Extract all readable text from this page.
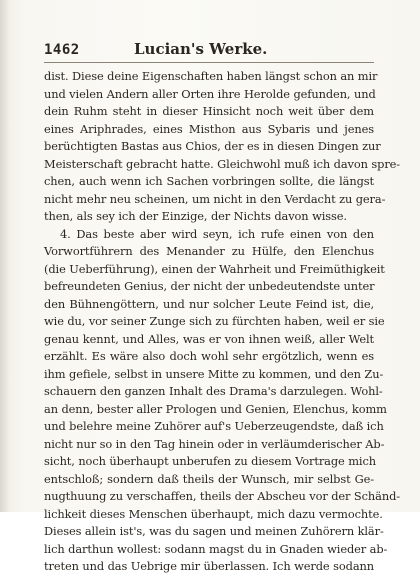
1462	Lucian's Werke.
dist. Diese deine Eigenschaften haben längst schon an mir
und vielen Andern aller Orten ihre Herolde gefunden, und
dein Ruhm steht in dieser Hinsicht noch weit über dem
eines Ariphrades, eines Misthon aus Sybaris und jenes
berüchtigten Bastas aus Chios, der es in diesen Dingen zur
Meisterschaft gebracht hatte. Gleichwohl muß ich davon spre-
chen, auch wenn ich Sachen vorbringen sollte, die längst
nicht mehr neu scheinen, um nicht in den Verdacht zu gera-
then, als sey ich der Einzige, der Nichts davon wisse.
4. Das beste aber wird seyn, ich rufe einen von den
Vorwortführern des Menander zu Hülfe, den Elenchus
(die Ueberführung), einen der Wahrheit und Freimüthigkeit
befreundeten Genius, der nicht der unbedeutendste unter
den Bühnengöttern, und nur solcher Leute Feind ist, die,
wie du, vor seiner Zunge sich zu fürchten haben, weil er sie
genau kennt, und Alles, was er von ihnen weiß, aller Welt
erzählt. Es wäre also doch wohl sehr ergötzlich, wenn es
ihm gefiele, selbst in unsere Mitte zu kommen, und den Zu-
schauern den ganzen Inhalt des Drama's darzulegen. Wohl-
an denn, bester aller Prologen und Genien, Elenchus, komm
und belehre meine Zuhörer auf's Ueberzeugendste, daß ich
nicht nur so in den Tag hinein oder in verläumderischer Ab-
sicht, noch überhaupt unberufen zu diesem Vortrage mich
entschloß; sondern daß theils der Wunsch, mir selbst Ge-
nugthuung zu verschaffen, theils der Abscheu vor der Schänd-
lichkeit dieses Menschen überhaupt, mich dazu vermochte.
Dieses allein ist's, was du sagen und meinen Zuhörern klär-
lich darthun wollest: sodann magst du in Gnaden wieder ab-
treten und das Uebrige mir überlassen. Ich werde sodann
